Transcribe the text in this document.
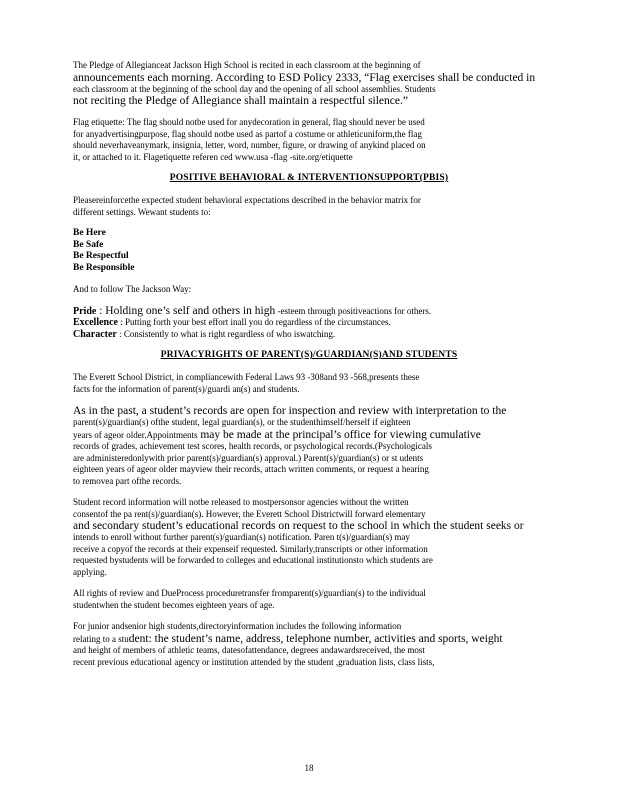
The Pledge of Allegianceat Jackson High School is recited in each classroom at the beginning of

announcements each morning. According to ESD Policy 2333, “Flag exercises shall be conducted in

each classroom at the beginning of the school day and the opening of all school assemblies. Students

not reciting the Pledge of Allegiance shall maintain a respectful silence.”

Flag etiquette: The flag should notbe used for anydecoration in general, flag should never be used

for anyadvertisingpurpose, flag should notbe used as partof a costume or athleticuniform,the flag

should neverhaveanymark, insignia, letter, word, number, figure, or drawing of anykind placed on

it, or attached to it. Flagetiquette referen ced www.usa -flag -site.org/etiquette

POSITIVE BEHAVIORAL & INTERVENTIONSUPPORT(PBIS)

Pleasereinforcethe expected student behavioral expectations described in the behavior matrix for

different settings. Wewant students to:

Be Here
Be Safe
Be Respectful
Be Responsible

And to follow The Jackson Way:

Pride : Holding one’s self and others in high -esteem through positiveactions for others.

Excellence : Putting forth your best effort inall you do regardless of the circumstances.

Character : Consistently to what is right regardless of who iswatching.

PRIVACYRIGHTS OF PARENT(S)/GUARDIAN(S)AND STUDENTS

The Everett School District, in compliancewith Federal Laws 93 -308and 93 -568,presents these

facts for the information of parent(s)/guardi an(s) and students.

As in the past, a student’s records are open for inspection and review with interpretation to the

parent(s)/guardian(s) ofthe student, legal guardian(s), or the studenthimself/herself if eighteen

years of ageor older.Appointments may be made at the principal’s office for viewing cumulative

records of grades, achievement test scores, health records, or psychological records.(Psychologicals

are administeredonlywith prior parent(s)/guardian(s) approval.) Parent(s)/guardian(s) or st udents

eighteen years of ageor older mayview their records, attach written comments, or request a hearing

to removea part ofthe records.

Student record information will notbe released to mostpersonsor agencies without the written

consentof the pa rent(s)/guardian(s). However, the Everett School Districtwill forward elementary

and secondary student’s educational records on request to the school in which the student seeks or

intends to enroll without further parent(s)/guardian(s) notification. Paren t(s)/guardian(s) may

receive a copyof the records at their expenseif requested. Similarly,transcripts or other information

requested bystudents will be forwarded to colleges and educational institutionsto which students are

applying.

All rights of review and DueProcess proceduretransfer fromparent(s)/guardian(s) to the individual

studentwhen the student becomes eighteen years of age.

For junior andsenior high students,directoryinformation includes the following information

relating to a student: the student’s name, address, telephone number, activities and sports, weight

and height of members of athletic teams, datesofattendance, degrees andawardsreceived, the most

recent previous educational agency or institution attended by the student ,graduation lists, class lists,

18
